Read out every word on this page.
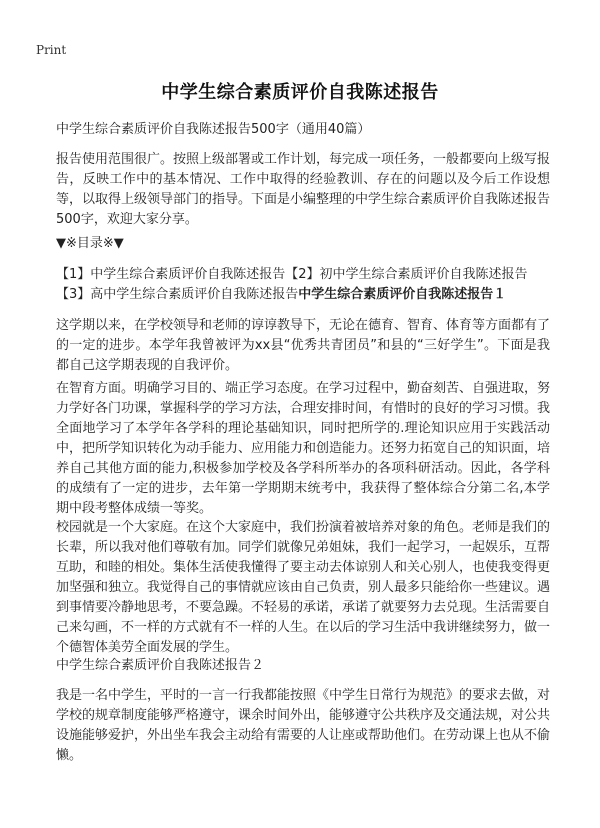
Print
中学生综合素质评价自我陈述报告
中学生综合素质评价自我陈述报告500字（通用40篇）
报告使用范围很广。按照上级部署或工作计划，每完成一项任务，一般都要向上级写报告，反映工作中的基本情况、工作中取得的经验教训、存在的问题以及今后工作设想等，以取得上级领导部门的指导。下面是小编整理的中学生综合素质评价自我陈述报告500字，欢迎大家分享。
▼※目录※▼
【1】中学生综合素质评价自我陈述报告【2】初中学生综合素质评价自我陈述报告
【3】高中学生综合素质评价自我陈述报告中学生综合素质评价自我陈述报告１
这学期以来，在学校领导和老师的谆谆教导下，无论在德育、智育、体育等方面都有了的一定的进步。本学年我曾被评为xx县“优秀共青团员”和县的“三好学生”。下面是我都自己这学期表现的自我评价。
在智育方面。明确学习目的、端正学习态度。在学习过程中，勤奋刻苦、自强进取，努力学好各门功课，掌握科学的学习方法，合理安排时间，有惜时的良好的学习习惯。我全面地学习了本学年各学科的理论基础知识，同时把所学的.理论知识应用于实践活动中，把所学知识转化为动手能力、应用能力和创造能力。还努力拓宽自己的知识面，培养自己其他方面的能力,积极参加学校及各学科所举办的各项科研活动。因此，各学科的成绩有了一定的进步，去年第一学期期末统考中，我获得了整体综合分第二名,本学期中段考整体成绩一等奖。
校园就是一个大家庭。在这个大家庭中，我们扮演着被培养对象的角色。老师是我们的长辈，所以我对他们尊敬有加。同学们就像兄弟姐妹，我们一起学习，一起娱乐，互帮互助，和睦的相处。集体生活使我懂得了要主动去体谅别人和关心别人，也使我变得更加坚强和独立。我觉得自己的事情就应该由自己负责，别人最多只能给你一些建议。遇到事情要冷静地思考，不要急躁。不轻易的承诺，承诺了就要努力去兑现。生活需要自己来勾画，不一样的方式就有不一样的人生。在以后的学习生活中我讲继续努力，做一个德智体美劳全面发展的学生。
中学生综合素质评价自我陈述报告２
我是一名中学生，平时的一言一行我都能按照《中学生日常行为规范》的要求去做，对学校的规章制度能够严格遵守，课余时间外出，能够遵守公共秩序及交通法规，对公共设施能够爱护，外出坐车我会主动给有需要的人让座或帮助他们。在劳动课上也从不偷懒。
